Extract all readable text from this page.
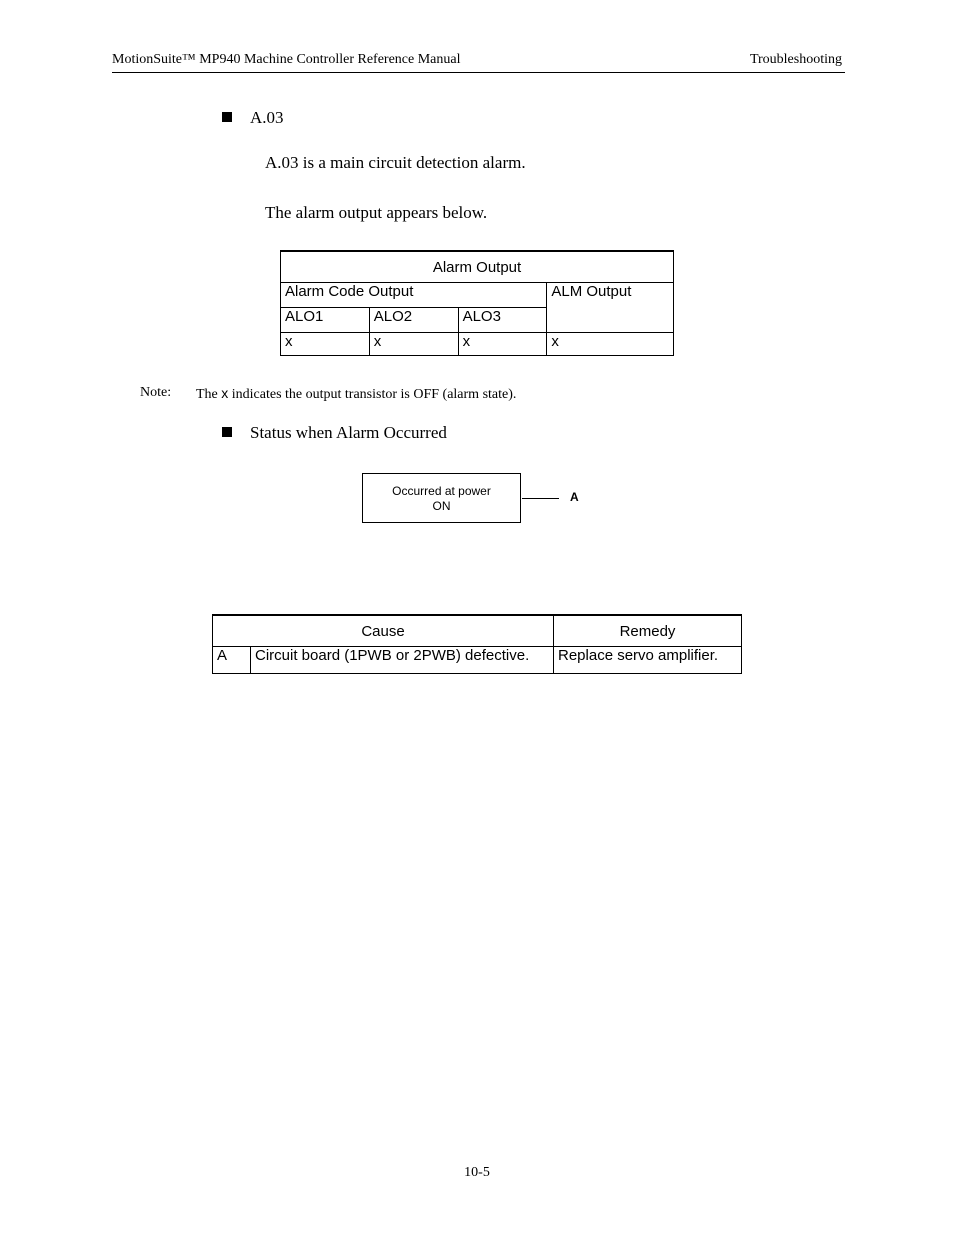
MotionSuite™ MP940 Machine Controller Reference Manual	Troubleshooting
A.03
A.03 is a main circuit detection alarm.
The alarm output appears below.
Alarm Output			
Alarm Code Output			ALM Output
ALO1	ALO2	ALO3	
x	x	x	x
Note: The x indicates the output transistor is OFF (alarm state).
Status when Alarm Occurred
Occurred at power
ON
A
Cause		Remedy
A	Circuit board (1PWB or 2PWB) defective.	Replace servo amplifier.
10-5
